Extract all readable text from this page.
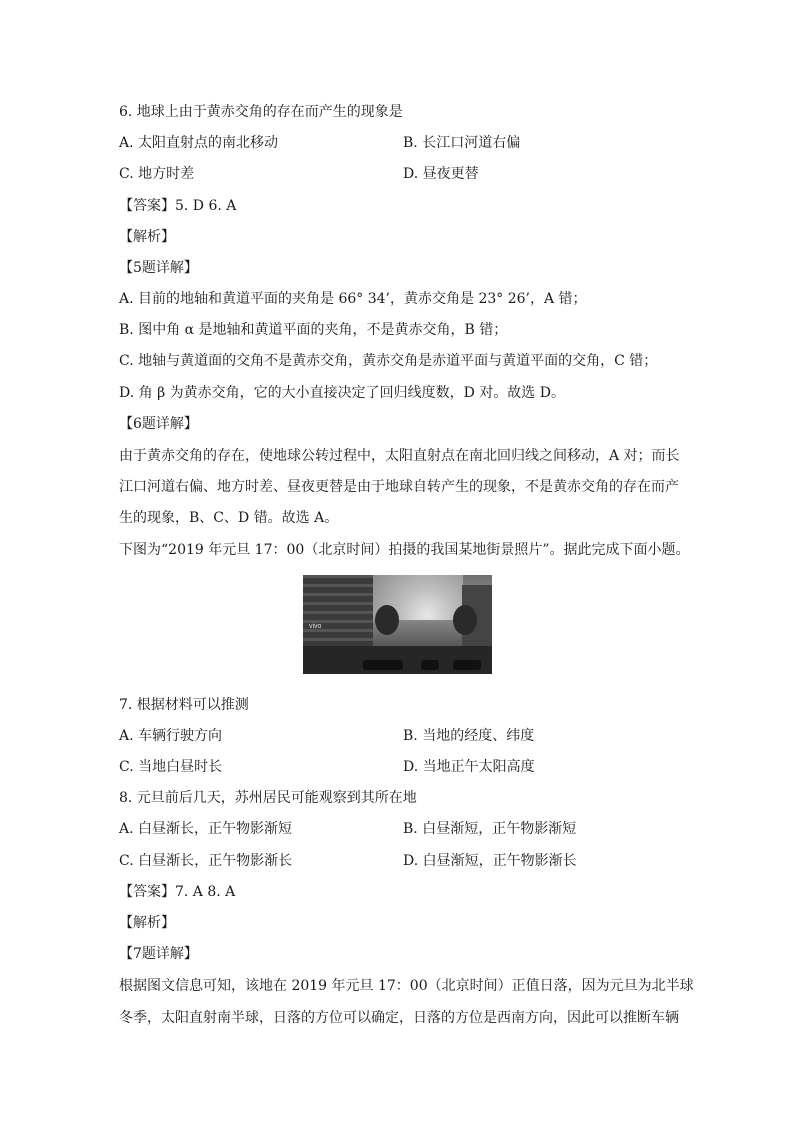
6. 地球上由于黄赤交角的存在而产生的现象是
A. 太阳直射点的南北移动	B. 长江口河道右偏
C. 地方时差	D. 昼夜更替
【答案】5. D 6. A
【解析】
【5题详解】
A. 目前的地轴和黄道平面的夹角是 66° 34’，黄赤交角是 23° 26’，A 错；
B. 图中角 α 是地轴和黄道平面的夹角，不是黄赤交角，B 错；
C. 地轴与黄道面的交角不是黄赤交角，黄赤交角是赤道平面与黄道平面的交角，C 错；
D. 角 β 为黄赤交角，它的大小直接决定了回归线度数，D 对。故选 D。
【6题详解】
由于黄赤交角的存在，使地球公转过程中，太阳直射点在南北回归线之间移动，A 对；而长
江口河道右偏、地方时差、昼夜更替是由于地球自转产生的现象，不是黄赤交角的存在而产
生的现象，B、C、D 错。故选 A。
下图为“2019 年元旦 17：00（北京时间）拍摄的我国某地街景照片”。据此完成下面小题。
vivo
7. 根据材料可以推测
A. 车辆行驶方向	B. 当地的经度、纬度
C. 当地白昼时长	D. 当地正午太阳高度
8. 元旦前后几天，苏州居民可能观察到其所在地
A. 白昼渐长，正午物影渐短	B. 白昼渐短，正午物影渐短
C. 白昼渐长，正午物影渐长	D. 白昼渐短，正午物影渐长
【答案】7. A 8. A
【解析】
【7题详解】
根据图文信息可知，该地在 2019 年元旦 17：00（北京时间）正值日落，因为元旦为北半球
冬季，太阳直射南半球，日落的方位可以确定，日落的方位是西南方向，因此可以推断车辆
